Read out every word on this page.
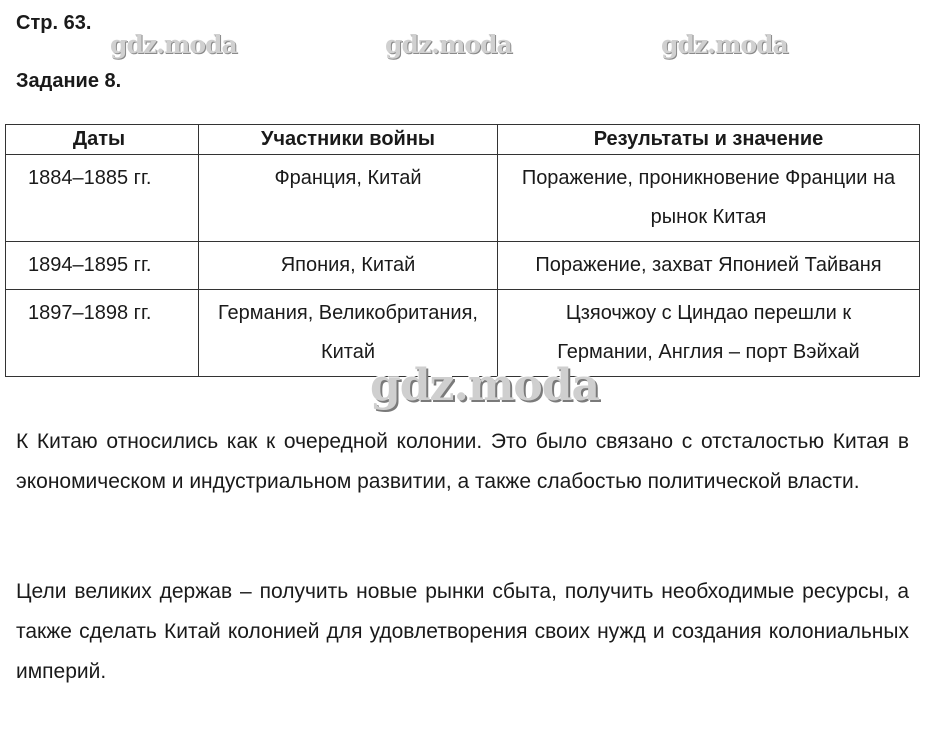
Стр. 63.
gdz.moda	gdz.moda	gdz.moda
Задание 8.
Даты	Участники войны	Результаты и значение
1884–1885 гг.	Франция, Китай	Поражение, проникновение Франции на рынок Китая
1894–1895 гг.	Япония, Китай	Поражение, захват Японией Тайваня
1897–1898 гг.	Германия, Великобритания, Китай	Цзяочжоу с Циндао перешли к Германии, Англия – порт Вэйхай
gdz.moda

К Китаю относились как к очередной колонии. Это было связано с отсталостью Китая в экономическом и индустриальном развитии, а также слабостью политической власти.

Цели великих держав – получить новые рынки сбыта, получить необходимые ресурсы, а также сделать Китай колонией для удовлетворения своих нужд и создания колониальных империй.
